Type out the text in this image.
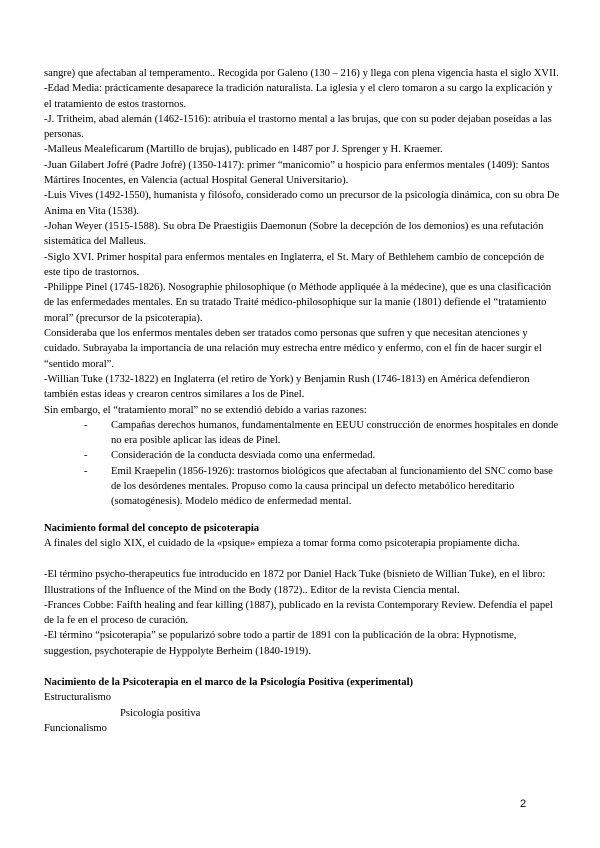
sangre) que afectaban al temperamento.. Recogida por Galeno (130 – 216) y llega con plena vigencia hasta el siglo XVII.

-Edad Media: prácticamente desaparece la tradición naturalista. La iglesia y el clero tomaron a su cargo la explicación y el tratamiento de estos trastornos.

-J. Tritheim, abad alemán (1462-1516): atribuía el trastorno mental a las brujas, que con su poder dejaban poseídas a las personas.

-Malleus Mealeficarum (Martillo de brujas), publicado en 1487 por J. Sprenger y H. Kraemer.

-Juan Gilabert Jofré (Padre Jofré) (1350-1417): primer “manicomio” u hospicio para enfermos mentales (1409): Santos Mártires Inocentes, en Valencia (actual Hospital General Universitario).

-Luis Vives (1492-1550), humanista y filósofo, considerado como un precursor de la psicología dinámica, con su obra De Anima en Vita (1538).

-Johan Weyer (1515-1588). Su obra De Praestigiis Daemonun (Sobre la decepción de los demonios) es una refutación sistemática del Malleus.

-Siglo XVI. Primer hospital para enfermos mentales en Inglaterra, el St. Mary of Bethlehem cambio de concepción de este tipo de trastornos.

-Philippe Pinel (1745-1826). Nosographie philosophique (o Méthode appliquée à la médecine), que es una clasificación de las enfermedades mentales. En su tratado Traité médico-philosophique sur la manie (1801) defiende el “tratamiento moral” (precursor de la psicoterapia).

Consideraba que los enfermos mentales deben ser tratados como personas que sufren y que necesitan atenciones y cuidado. Subrayaba la importancia de una relación muy estrecha entre médico y enfermo, con el fin de hacer surgir el “sentido moral”.

-Willian Tuke (1732-1822) en Inglaterra (el retiro de York) y Benjamin Rush (1746-1813) en América defendieron también estas ideas y crearon centros similares a los de Pinel.

Sin embargo, el “tratamiento moral” no se extendió debido a varias razones:

- Campañas derechos humanos, fundamentalmente en EEUU construcción de enormes hospitales en donde no era posible aplicar las ideas de Pinel.
- Consideración de la conducta desviada como una enfermedad.
- Emil Kraepelin (1856-1926): trastornos biológicos que afectaban al funcionamiento del SNC como base de los desórdenes mentales. Propuso como la causa principal un defecto metabólico hereditario (somatogénesis). Modelo médico de enfermedad mental.

Nacimiento formal del concepto de psicoterapia

A finales del siglo XIX, el cuidado de la «psique» empieza a tomar forma como psicoterapia propiamente dicha.

-El término psycho-therapeutics fue introducido en 1872 por Daniel Hack Tuke (bisnieto de Willian Tuke), en el libro: Illustrations of the Influence of the Mind on the Body (1872).. Editor de la revista Ciencia mental.

-Frances Cobbe: Faifth healing and fear killing (1887), publicado en la revista Contemporary Review. Defendía el papel de la fe en el proceso de curación.

-El término “psicoterapia” se popularizó sobre todo a partir de 1891 con la publicación de la obra: Hypnotisme, suggestion, psychoterapie de Hyppolyte Berheim (1840-1919).

Nacimiento de la Psicoterapia en el marco de la Psicología Positiva (experimental)

Estructuralismo

Psicología positiva

Funcionalismo

2
